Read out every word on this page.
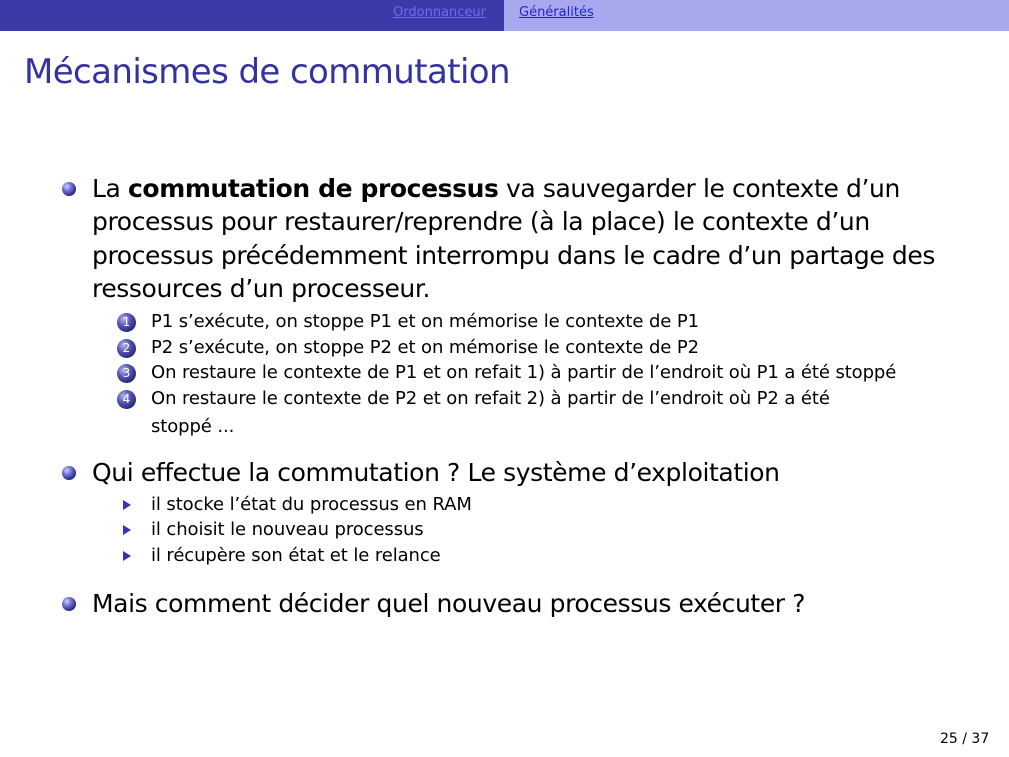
Ordonnanceur	Généralités
Mécanismes de commutation
La commutation de processus va sauvegarder le contexte d’un
processus pour restaurer/reprendre (à la place) le contexte d’un
processus précédemment interrompu dans le cadre d’un partage des
ressources d’un processeur.
1	P1 s’exécute, on stoppe P1 et on mémorise le contexte de P1
2	P2 s’exécute, on stoppe P2 et on mémorise le contexte de P2
3	On restaure le contexte de P1 et on refait 1) à partir de l’endroit où P1 a été stoppé
4	On restaure le contexte de P2 et on refait 2) à partir de l’endroit où P2 a été
stoppé ...
Qui effectue la commutation ? Le système d’exploitation
il stocke l’état du processus en RAM
il choisit le nouveau processus
il récupère son état et le relance
Mais comment décider quel nouveau processus exécuter ?
25 / 37
